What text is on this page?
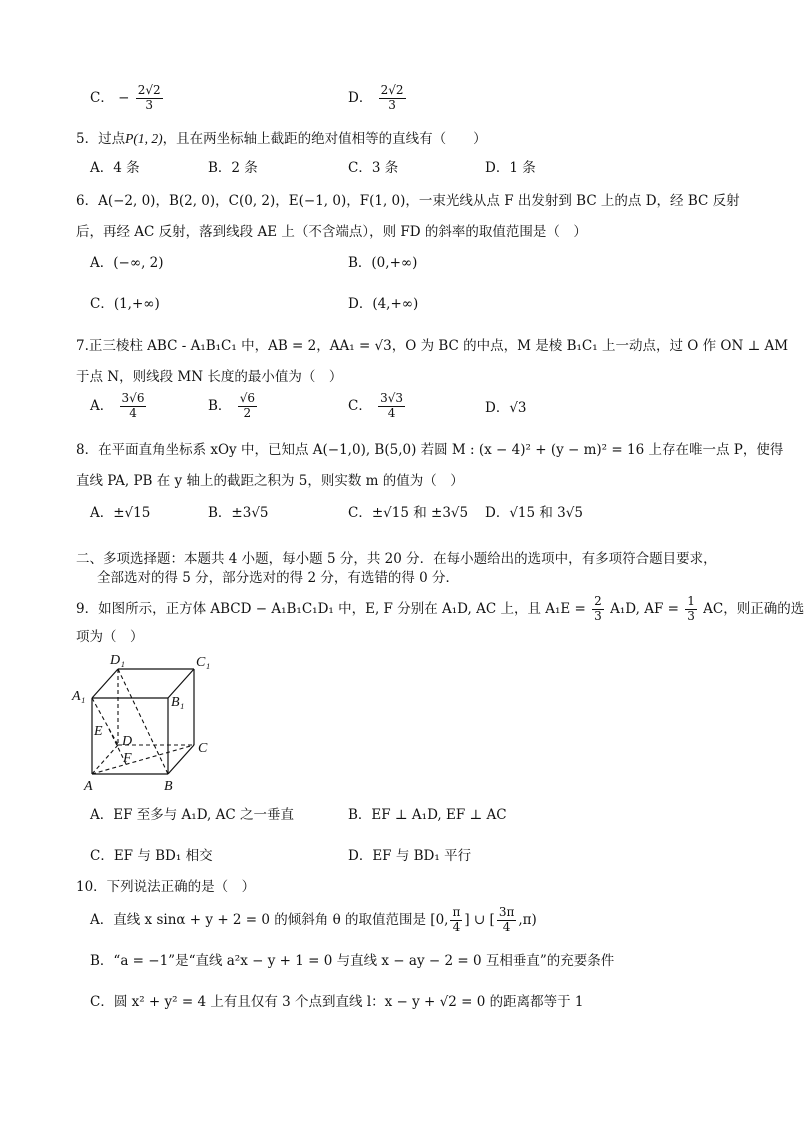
C． − $\frac{2√2}{3}$	D． $\frac{2√2}{3}$
5．过点P(1, 2)，且在两坐标轴上截距的绝对值相等的直线有（　　）
A．4 条	B．2 条	C．3 条	D．1 条
6．A(−2, 0)，B(2, 0)，C(0, 2)，E(−1, 0)，F(1, 0)，一束光线从点 F 出发射到 BC 上的点 D，经 BC 反射
后，再经 AC 反射，落到线段 AE 上（不含端点），则 FD 的斜率的取值范围是（　）
A．(−∞, 2)	B．(0,+∞)
C．(1,+∞)	D．(4,+∞)
7.正三棱柱 ABC - A₁B₁C₁ 中，AB = 2，AA₁ = √3，O 为 BC 的中点，M 是棱 B₁C₁ 上一动点，过 O 作 ON ⊥ AM
于点 N，则线段 MN 长度的最小值为（　）
A． $\frac{3√6}{4}$	B． $\frac{√6}{2}$	C． $\frac{3√3}{4}$	D．√3
8．在平面直角坐标系 xOy 中，已知点 A(−1,0), B(5,0) 若圆 M : (x − 4)² + (y − m)² = 16 上存在唯一点 P，使得
直线 PA, PB 在 y 轴上的截距之积为 5，则实数 m 的值为（　）
A．±√15	B．±3√5	C．±√15 和 ±3√5 D．√15 和 3√5
二、多项选择题：本题共 4 小题，每小题 5 分，共 20 分．在每小题给出的选项中，有多项符合题目要求，
全部选对的得 5 分，部分选对的得 2 分，有选错的得 0 分．
9．如图所示，正方体 ABCD − A₁B₁C₁D₁ 中，E, F 分别在 A₁D, AC 上，且 $A_1E = \frac{2}{3} A_1D$, AF = $\frac{1}{3}$ AC，则正确的选
项为（　）
D₁	C₁
A₁	B₁
E
D	C
F
A	B
A．EF 至多与 A₁D, AC 之一垂直	B．EF ⊥ A₁D, EF ⊥ AC
C．EF 与 BD₁ 相交	D．EF 与 BD₁ 平行
10．下列说法正确的是（　）
A．直线 x sinα + y + 2 = 0 的倾斜角 θ 的取值范围是 [0, $\frac{\pi}{4}$ ] ∪ [ $\frac{3\pi}{4} ,\pi$)
B．“a = −1”是“直线 a²x − y + 1 = 0 与直线 x − ay − 2 = 0 互相垂直”的充要条件
C．圆 x² + y² = 4 上有且仅有 3 个点到直线 l：x − y + √2 = 0 的距离都等于 1
